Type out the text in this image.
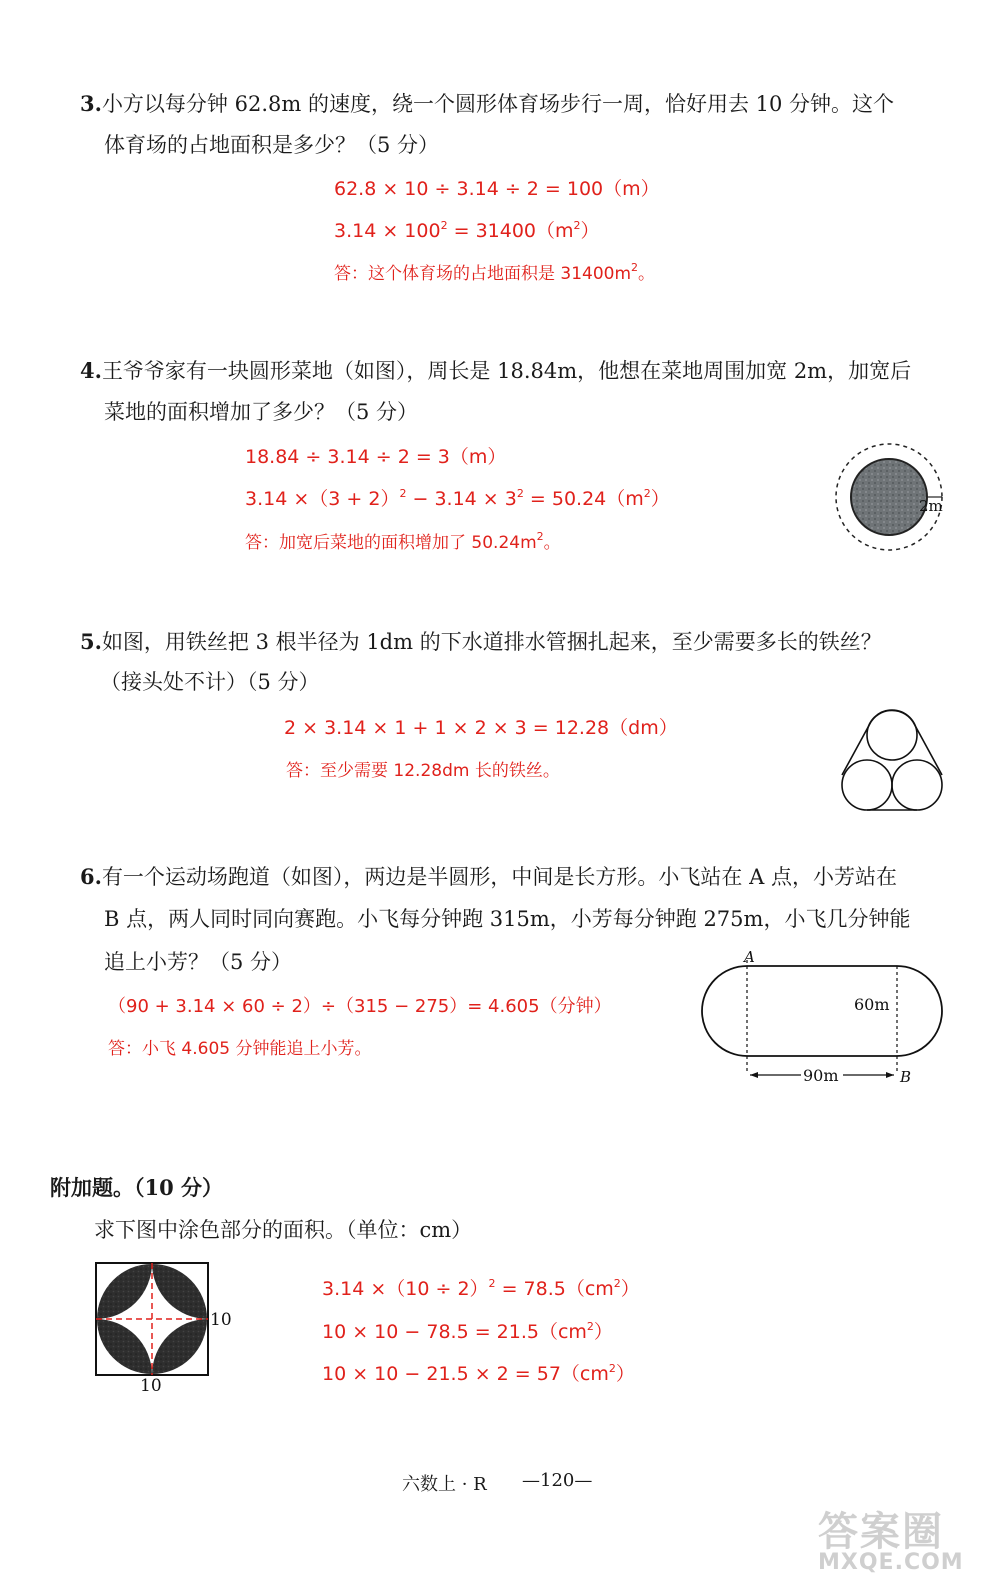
3.小方以每分钟 62.8m 的速度，绕一个圆形体育场步行一周，恰好用去 10 分钟。这个
体育场的占地面积是多少？（5 分）
62.8 × 10 ÷ 3.14 ÷ 2 = 100（m）
$3.14 \times 100^2 = 31400(m^2)$
答：这个体育场的占地面积是 $31400m^2$。
4.王爷爷家有一块圆形菜地（如图），周长是 18.84m，他想在菜地周围加宽 2m，加宽后
菜地的面积增加了多少？（5 分）
18.84 ÷ 3.14 ÷ 2 = 3（m）
$3.14 \times(3 + 2)^2 - 3.14 \times 3^2 = 50.24(m^2)$
答：加宽后菜地的面积增加了 $50.24m^2$。
2m
5.如图，用铁丝把 3 根半径为 1dm 的下水道排水管捆扎起来，至少需要多长的铁丝？
（接头处不计）（5 分）
2 × 3.14 × 1 + 1 × 2 × 3 = 12.28（dm）
答：至少需要 12.28dm 长的铁丝。
6.有一个运动场跑道（如图），两边是半圆形，中间是长方形。小飞站在 A 点，小芳站在
B 点，两人同时同向赛跑。小飞每分钟跑 315m，小芳每分钟跑 275m，小飞几分钟能
追上小芳？（5 分）
（90 + 3.14 × 60 ÷ 2）÷（315 − 275）= 4.605（分钟）
答：小飞 4.605 分钟能追上小芳。
90m
60m
A
B
附加题。（10 分）
求下图中涂色部分的面积。（单位：cm）
10
10
$3.14 \times(10 \div 2)^2 = 78.5(cm^2)$
$10 \times 10 - 78.5 = 21.5(cm^2)$
$10 \times 10 - 21.5 \times 2 = 57(cm^2)$
六数上 · R —120—
答案圈
MXQE.COM
